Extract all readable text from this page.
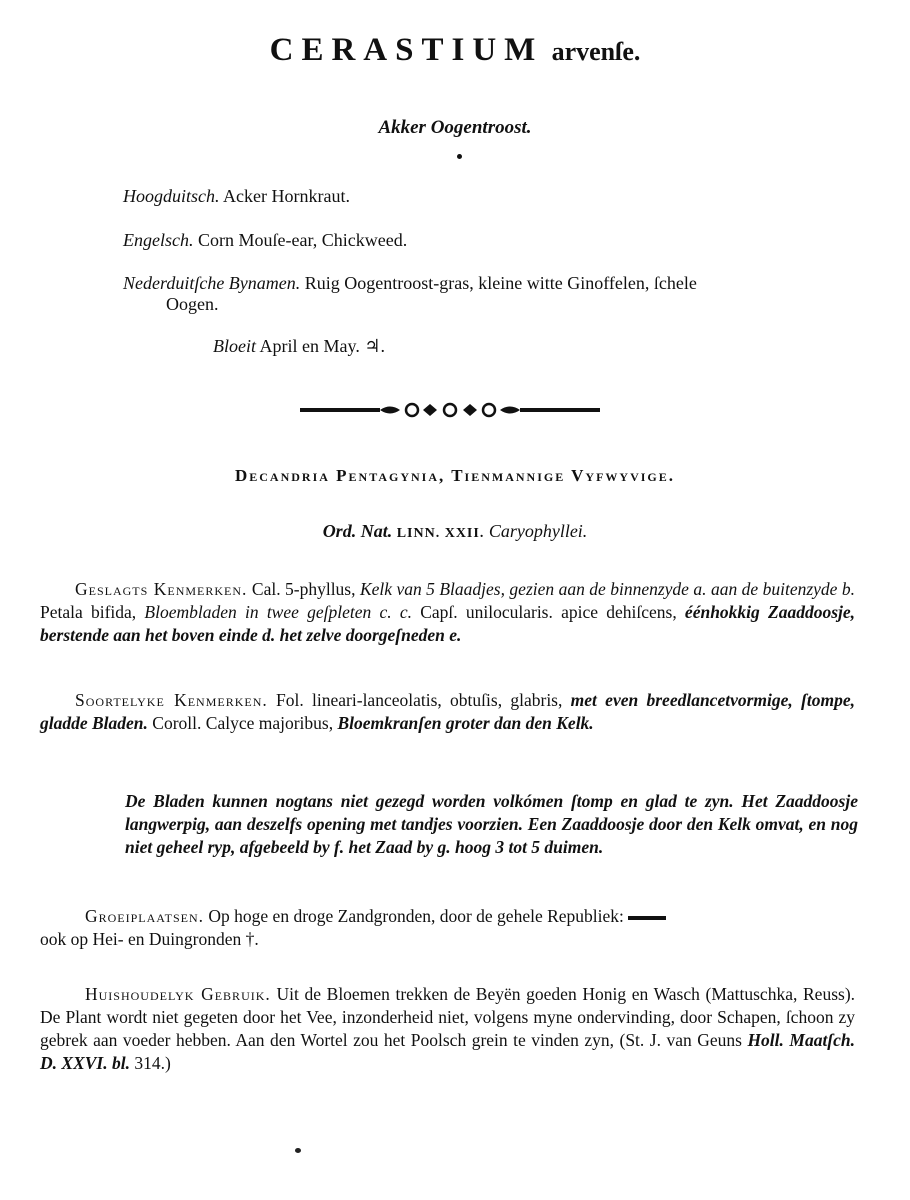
CERASTIUM arvenſe.
Akker Oogentroost.
Hoogduitsch. Acker Hornkraut.
Engelsch. Corn Mouſe-ear, Chickweed.
Nederduitſche Bynamen. Ruig Oogentroost-gras, kleine witte Ginoffelen, ſchele
Oogen.
Bloeit April en May. ♃.
Decandria Pentagynia, Tienmannige Vyfwyvige.
Ord. Nat. LINN. XXII. Caryophyllei.
Geslagts Kenmerken. Cal. 5-phyllus, Kelk van 5 Blaadjes, gezien aan de binnenzyde a. aan de buitenzyde b. Petala bifida, Bloembladen in twee geſpleten c. c. Capſ. unilocularis. apice dehiſcens, éénhokkig Zaaddoosje, berstende aan het boven einde d. het zelve doorgeſneden e.
Soortelyke Kenmerken. Fol. lineari-lanceolatis, obtuſis, glabris, met even breedlancetvormige, ſtompe, gladde Bladen. Coroll. Calyce majoribus, Bloemkranſen groter dan den Kelk.
De Bladen kunnen nogtans niet gezegd worden volkómen ſtomp en glad te zyn. Het Zaaddoosje langwerpig, aan deszelfs opening met tandjes voorzien. Een Zaaddoosje door den Kelk omvat, en nog niet geheel ryp, afgebeeld by f. het Zaad by g. hoog 3 tot 5 duimen.
Groeiplaatsen. Op hoge en droge Zandgronden, door de gehele Republiek:
ook op Hei- en Duingronden †.
Huishoudelyk Gebruik. Uit de Bloemen trekken de Beyën goeden Honig en Wasch (Mattuschka, Reuss). De Plant wordt niet gegeten door het Vee, inzonderheid niet, volgens myne ondervinding, door Schapen, ſchoon zy gebrek aan voeder hebben. Aan den Wortel zou het Poolsch grein te vinden zyn, (St. J. van Geuns Holl. Maatſch. D. XXVI. bl. 314.)
